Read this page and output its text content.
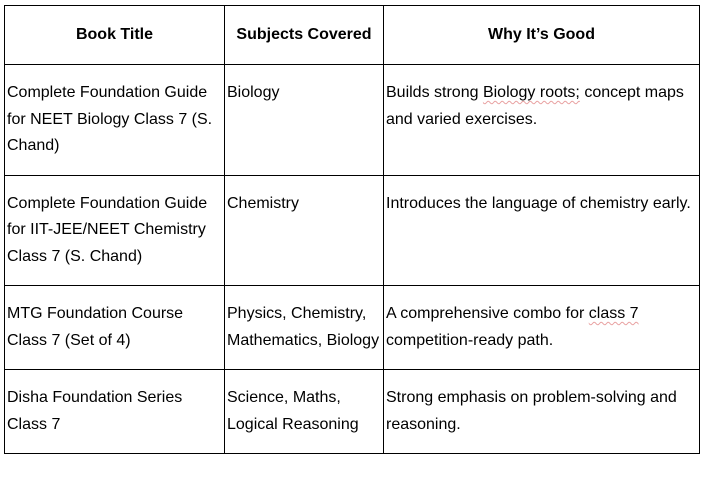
Book Title	Subjects Covered	Why It’s Good
Complete Foundation Guide for NEET Biology Class 7 (S. Chand)	Biology	Builds strong Biology roots; concept maps and varied exercises.
Complete Foundation Guide for IIT-JEE/NEET Chemistry Class 7 (S. Chand)	Chemistry	Introduces the language of chemistry early.
MTG Foundation Course Class 7 (Set of 4)	Physics, Chemistry, Mathematics, Biology	A comprehensive combo for class 7 competition-ready path.
Disha Foundation Series Class 7	Science, Maths, Logical Reasoning	Strong emphasis on problem-solving and reasoning.
